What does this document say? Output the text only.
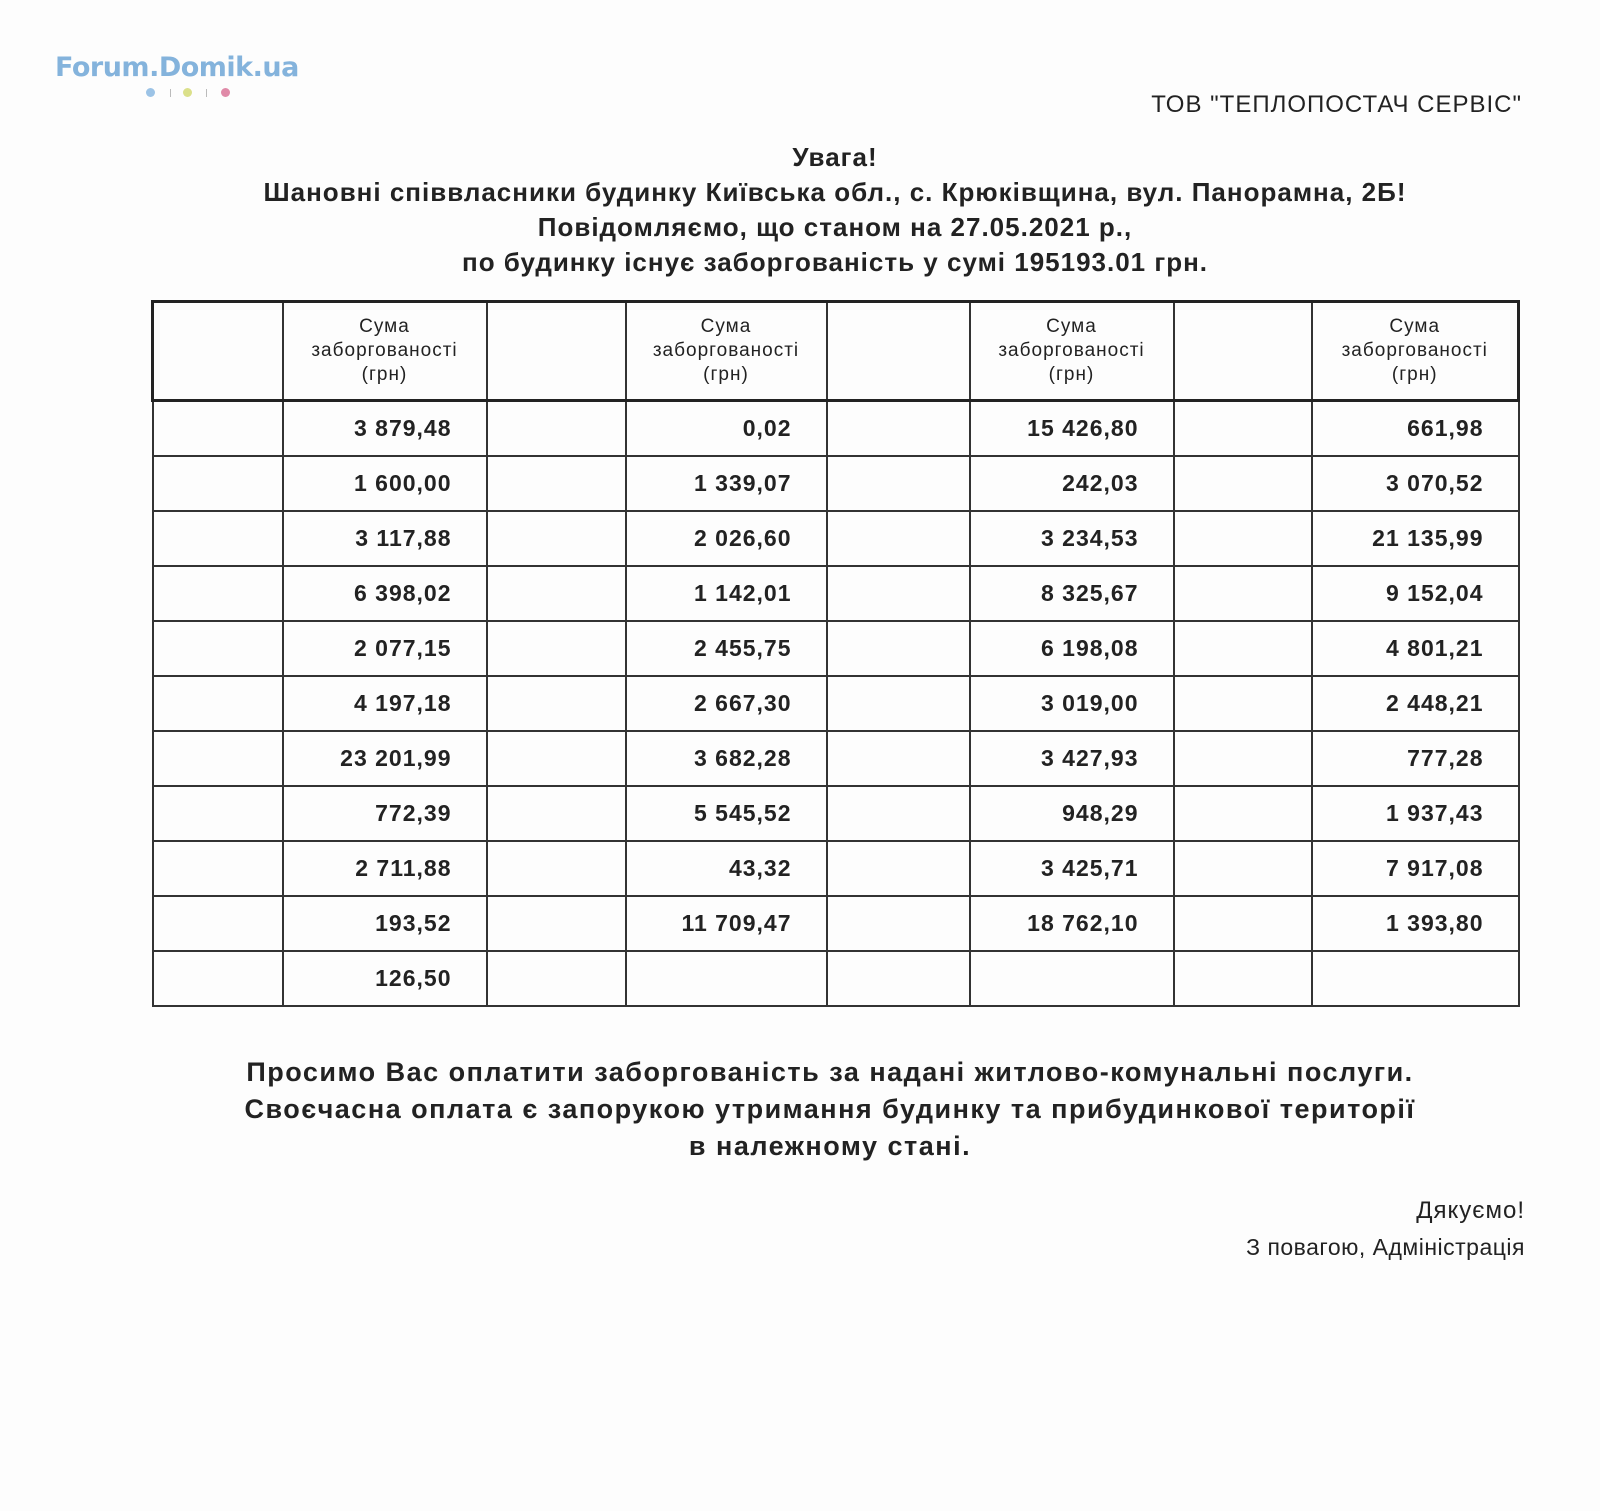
Forum.Domik.ua
ТОВ "ТЕПЛОПОСТАЧ СЕРВІС"
Увага!
Шановні співвласники будинку Київська обл., с. Крюківщина, вул. Панорамна, 2Б!
Повідомляємо, що станом на 27.05.2021 р.,
по будинку існує заборгованість у сумі 195193.01 грн.
	Сума
заборгованості
(грн)		Сума
заборгованості
(грн)		Сума
заборгованості
(грн)		Сума
заборгованості
(грн)
	3 879,48		0,02		15 426,80		661,98
	1 600,00		1 339,07		242,03		3 070,52
	3 117,88		2 026,60		3 234,53		21 135,99
	6 398,02		1 142,01		8 325,67		9 152,04
	2 077,15		2 455,75		6 198,08		4 801,21
	4 197,18		2 667,30		3 019,00		2 448,21
	23 201,99		3 682,28		3 427,93		777,28
	772,39		5 545,52		948,29		1 937,43
	2 711,88		43,32		3 425,71		7 917,08
	193,52		11 709,47		18 762,10		1 393,80
	126,50						
Просимо Вас оплатити заборгованість за надані житлово-комунальні послуги.
Своєчасна оплата є запорукою утримання будинку та прибудинкової території
в належному стані.
Дякуємо!
З повагою, Адміністрація
